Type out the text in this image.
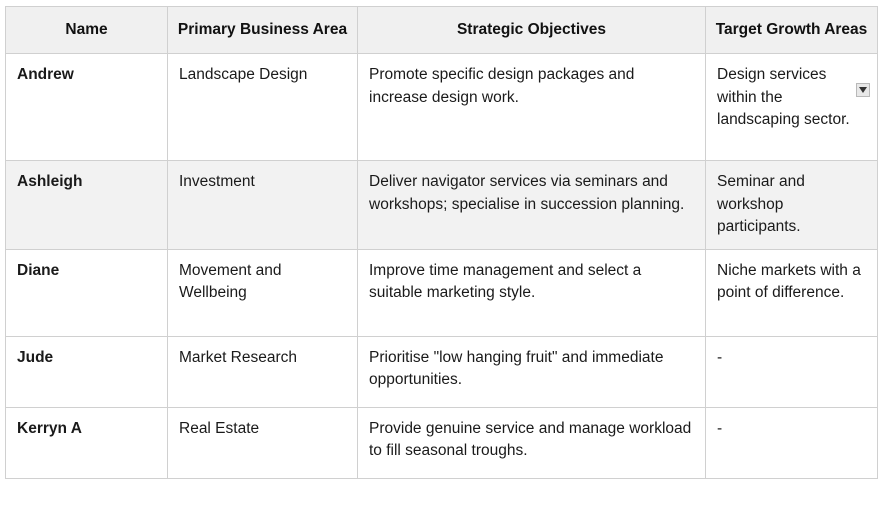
Name	Primary Business Area	Strategic Objectives	Target Growth Areas
Andrew	Landscape Design	Promote specific design packages and increase design work.	Design services within the landscaping sector.
Ashleigh	Investment	Deliver navigator services via seminars and workshops; specialise in succession planning.	Seminar and workshop participants.
Diane	Movement and Wellbeing	Improve time management and select a suitable marketing style.	Niche markets with a point of difference.
Jude	Market Research	Prioritise "low hanging fruit" and immediate opportunities.	-
Kerryn A	Real Estate	Provide genuine service and manage workload to fill seasonal troughs.	-
